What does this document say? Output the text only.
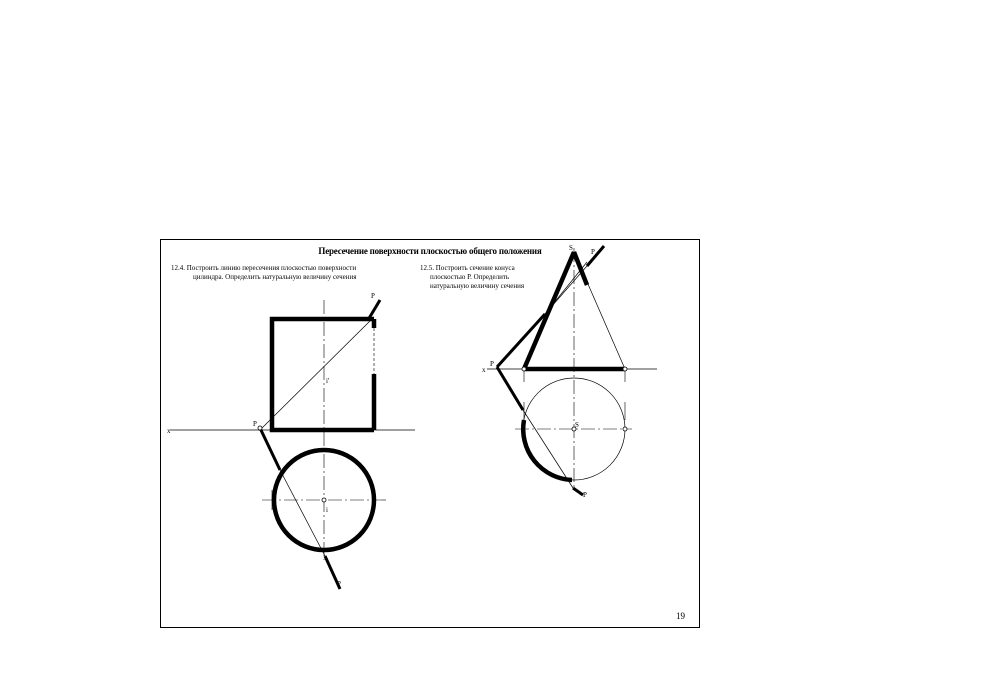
x
P
P
P
i'
i
x
S	P
P
P
S
Пересечение поверхности плоскостью общего положения
12.4. Построить линию пересечения плоскостью поверхности
цилиндра. Определить натуральную величину сечения
12.5. Построить сечение конуса
плоскостью Р. Определить
натуральную величину сечения
19
